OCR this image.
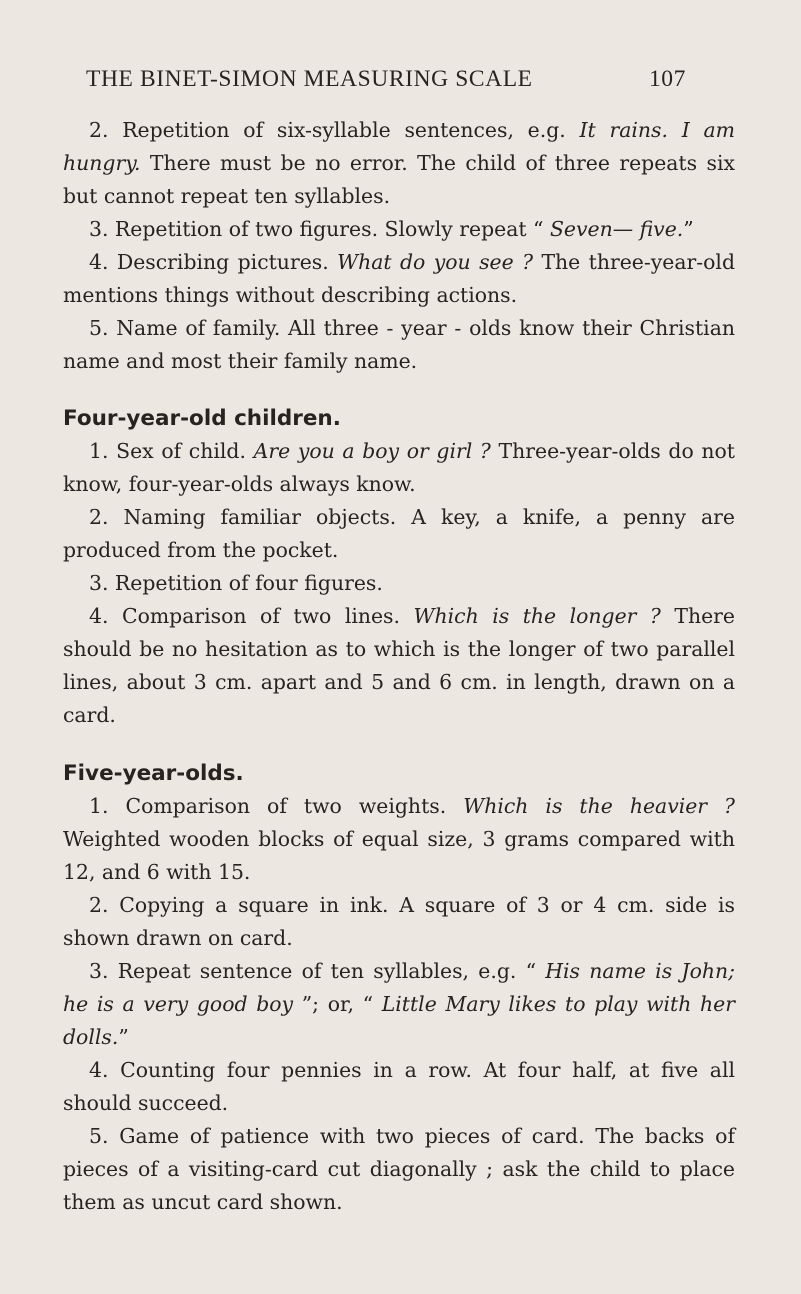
THE BINET-SIMON MEASURING SCALE	107

2. Repetition of six-syllable sentences, e.g. It rains. I am hungry. There must be no error. The child of three repeats six but cannot repeat ten syllables.

3. Repetition of two figures. Slowly repeat “ Seven— five.”

4. Describing pictures. What do you see ? The three-year-old mentions things without describing actions.

5. Name of family. All three - year - olds know their Christian name and most their family name.

Four-year-old children.

1. Sex of child. Are you a boy or girl ? Three-year-olds do not know, four-year-olds always know.

2. Naming familiar objects. A key, a knife, a penny are produced from the pocket.

3. Repetition of four figures.

4. Comparison of two lines. Which is the longer ? There should be no hesitation as to which is the longer of two parallel lines, about 3 cm. apart and 5 and 6 cm. in length, drawn on a card.

Five-year-olds.

1. Comparison of two weights. Which is the heavier ? Weighted wooden blocks of equal size, 3 grams compared with 12, and 6 with 15.

2. Copying a square in ink. A square of 3 or 4 cm. side is shown drawn on card.

3. Repeat sentence of ten syllables, e.g. “ His name is John; he is a very good boy ”; or, “ Little Mary likes to play with her dolls.”

4. Counting four pennies in a row. At four half, at five all should succeed.

5. Game of patience with two pieces of card. The backs of pieces of a visiting-card cut diagonally ; ask the child to place them as uncut card shown.
